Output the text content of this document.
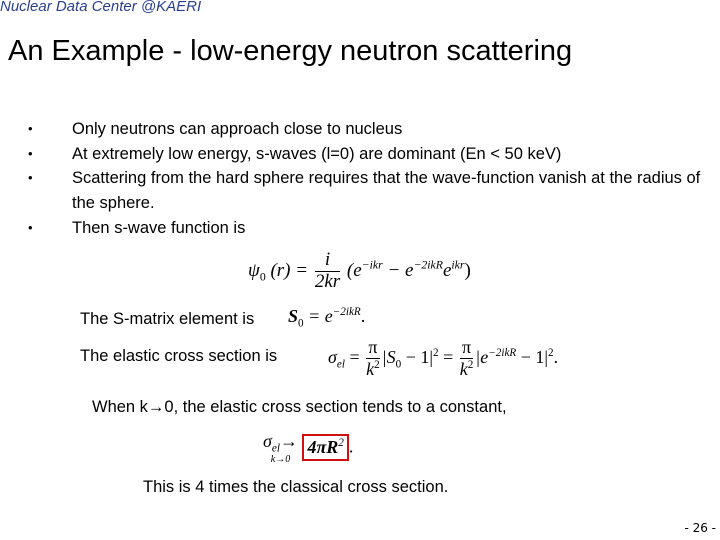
Nuclear Data Center @KAERI
An Example - low-energy neutron scattering
• Only neutrons can approach close to nucleus
• At extremely low energy, s-waves (l=0) are dominant (En < 50 keV)
• Scattering from the hard sphere requires that the wave-function vanish at the radius of the sphere.
• Then s-wave function is
$\psi_0$ $(r) = \frac{i}{2kr} (e^{-ikr} - e^{-2ikR}e^{ikr})$
The S-matrix element is $S_0 = e^{-2ikR}$.
The elastic cross section is	$\sigma_{el} = \frac{\pi}{k^2} |S_0 - 1|^2 = \frac{\pi}{k^2} |e^{-2ikR} - 1|^2$.
When k→0, the elastic cross section tends to a constant,
$\sigma_{el}\to$
k→0
$4\pi R^2$ .
This is 4 times the classical cross section.
- 26 -
